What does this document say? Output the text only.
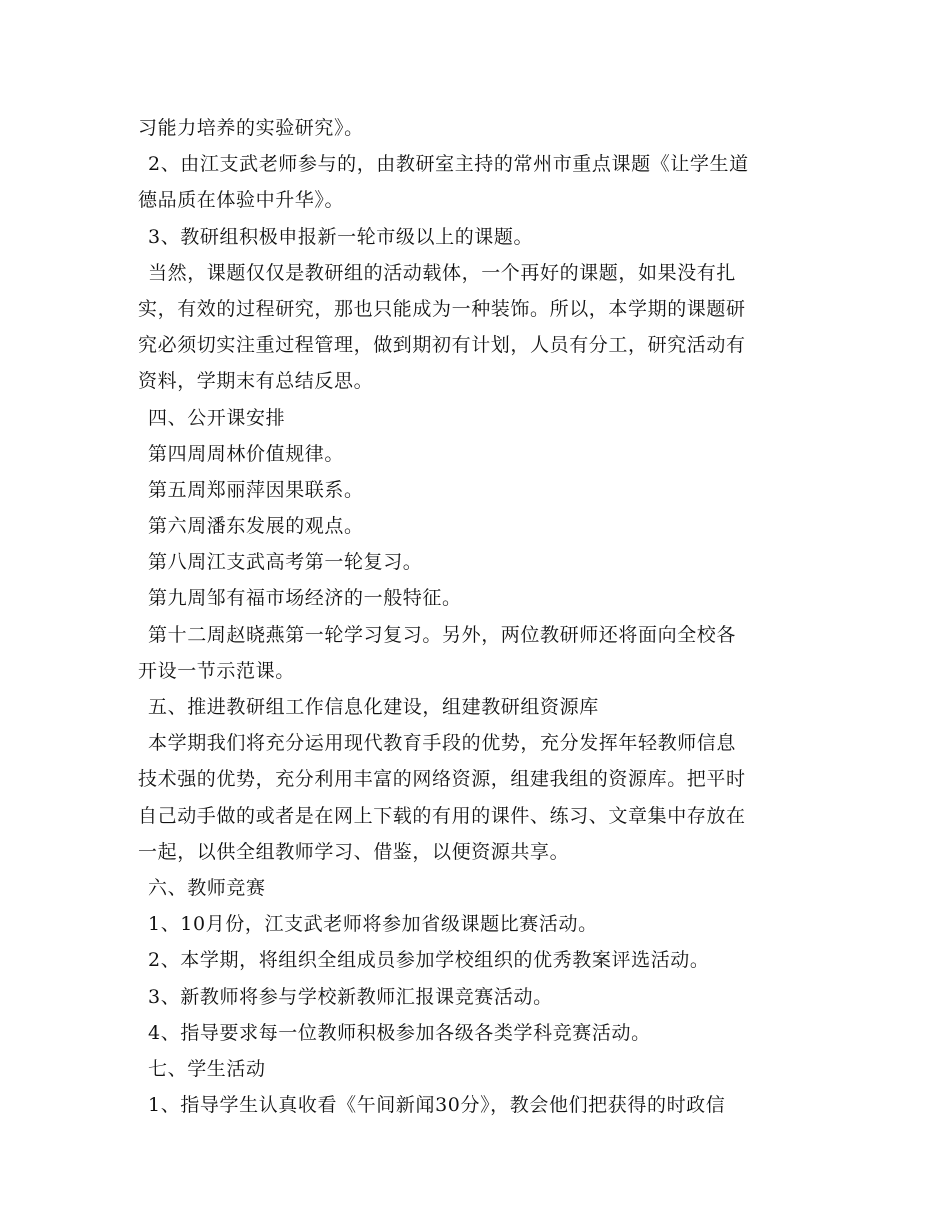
习能力培养的实验研究》。
2、由江支武老师参与的，由教研室主持的常州市重点课题《让学生道
德品质在体验中升华》。
3、教研组积极申报新一轮市级以上的课题。
当然，课题仅仅是教研组的活动载体，一个再好的课题，如果没有扎
实，有效的过程研究，那也只能成为一种装饰。所以，本学期的课题研
究必须切实注重过程管理，做到期初有计划，人员有分工，研究活动有
资料，学期末有总结反思。
四、公开课安排
第四周周林价值规律。
第五周郑丽萍因果联系。
第六周潘东发展的观点。
第八周江支武高考第一轮复习。
第九周邹有福市场经济的一般特征。
第十二周赵晓燕第一轮学习复习。另外，两位教研师还将面向全校各
开设一节示范课。
五、推进教研组工作信息化建设，组建教研组资源库
本学期我们将充分运用现代教育手段的优势，充分发挥年轻教师信息
技术强的优势，充分利用丰富的网络资源，组建我组的资源库。把平时
自己动手做的或者是在网上下载的有用的课件、练习、文章集中存放在
一起，以供全组教师学习、借鉴，以便资源共享。
六、教师竞赛
1、10月份，江支武老师将参加省级课题比赛活动。
2、本学期，将组织全组成员参加学校组织的优秀教案评选活动。
3、新教师将参与学校新教师汇报课竞赛活动。
4、指导要求每一位教师积极参加各级各类学科竞赛活动。
七、学生活动
1、指导学生认真收看《午间新闻30分》，教会他们把获得的时政信
